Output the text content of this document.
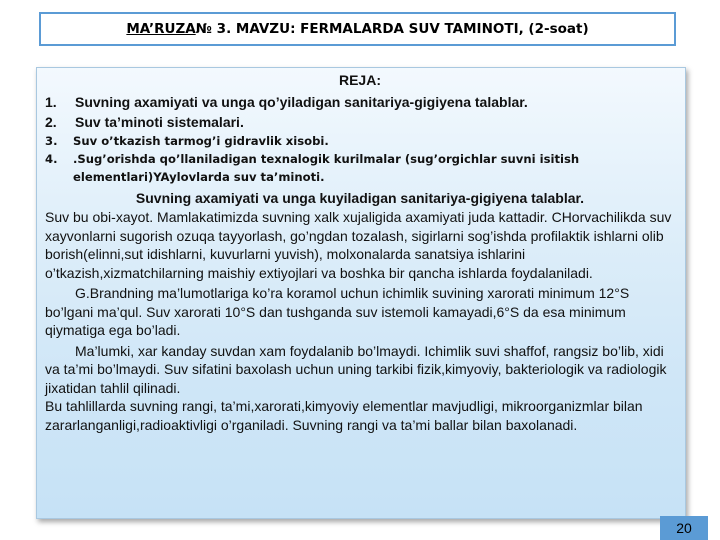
MA’RUZA № 3. MAVZU: FERMALARDA SUV TAMINOTI, (2-soat)
REJA:
1.	Suvning axamiyati va unga qo’yiladigan sanitariya-gigiyena talablar.
2.	Suv ta’minoti sistemalari.
3.	Suv o’tkazish tarmog’i gidravlik xisobi.
4.	.Sug’orishda qo’llaniladigan texnalogik kurilmalar (sug’orgichlar suvni isitish elementlari)YAylovlarda suv ta’minoti.
Suvning axamiyati va unga kuyiladigan sanitariya-gigiyena talablar.

Suv bu obi-xayot. Mamlakatimizda suvning xalk xujaligida axamiyati juda kattadir. CHorvachilikda suv xayvonlarni sugorish ozuqa tayyorlash, go’ngdan tozalash, sigirlarni sog’ishda profilaktik ishlarni olib borish(elinni,sut idishlarni, kuvurlarni yuvish), molxonalarda sanatsiya ishlarini o’tkazish,xizmatchilarning maishiy extiyojlari va boshka bir qancha ishlarda foydalaniladi.

G.Brandning ma’lumotlariga ko’ra koramol uchun ichimlik suvining xarorati minimum 12°S bo’lgani ma’qul. Suv xarorati 10°S dan tushganda suv istemoli kamayadi,6°S da esa minimum qiymatiga ega bo’ladi.

Ma’lumki, xar kanday suvdan xam foydalanib bo’lmaydi. Ichimlik suvi shaffof, rangsiz bo’lib, xidi va ta’mi bo’lmaydi. Suv sifatini baxolash uchun uning tarkibi fizik,kimyoviy, bakteriologik va radiologik jixatidan tahlil qilinadi.

Bu tahlillarda suvning rangi, ta’mi,xarorati,kimyoviy elementlar mavjudligi, mikroorganizmlar bilan zararlanganligi,radioaktivligi o’rganiladi. Suvning rangi va ta’mi ballar bilan baxolanadi.

20
